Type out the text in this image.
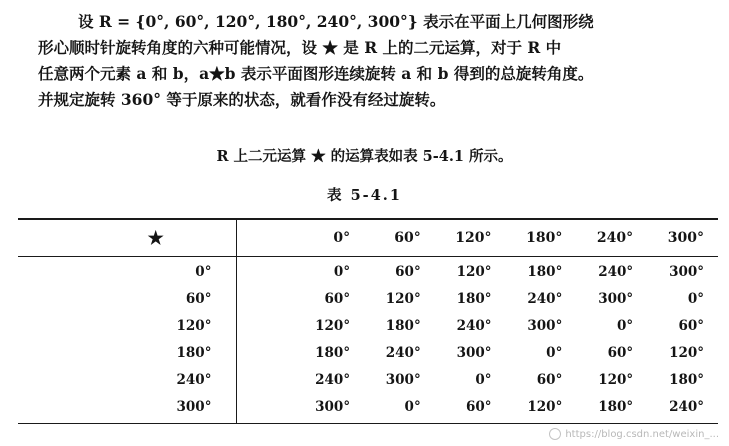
设 R = {0°, 60°, 120°, 180°, 240°, 300°} 表示在平面上几何图形绕
形心顺时针旋转角度的六种可能情况，设 ★ 是 R 上的二元运算，对于 R 中
任意两个元素 a 和 b，a★b 表示平面图形连续旋转 a 和 b 得到的总旋转角度。
并规定旋转 360° 等于原来的状态，就看作没有经过旋转。

R 上二元运算 ★ 的运算表如表 5-4.1 所示。

表 5-4.1

★	0°	60°	120°	180°	240°	300°
0°	0°	60°	120°	180°	240°	300°
60°	60°	120°	180°	240°	300°	0°
120°	120°	180°	240°	300°	0°	60°
180°	180°	240°	300°	0°	60°	120°
240°	240°	300°	0°	60°	120°	180°
300°	300°	0°	60°	120°	180°	240°
https://blog.csdn.net/weixin_...
